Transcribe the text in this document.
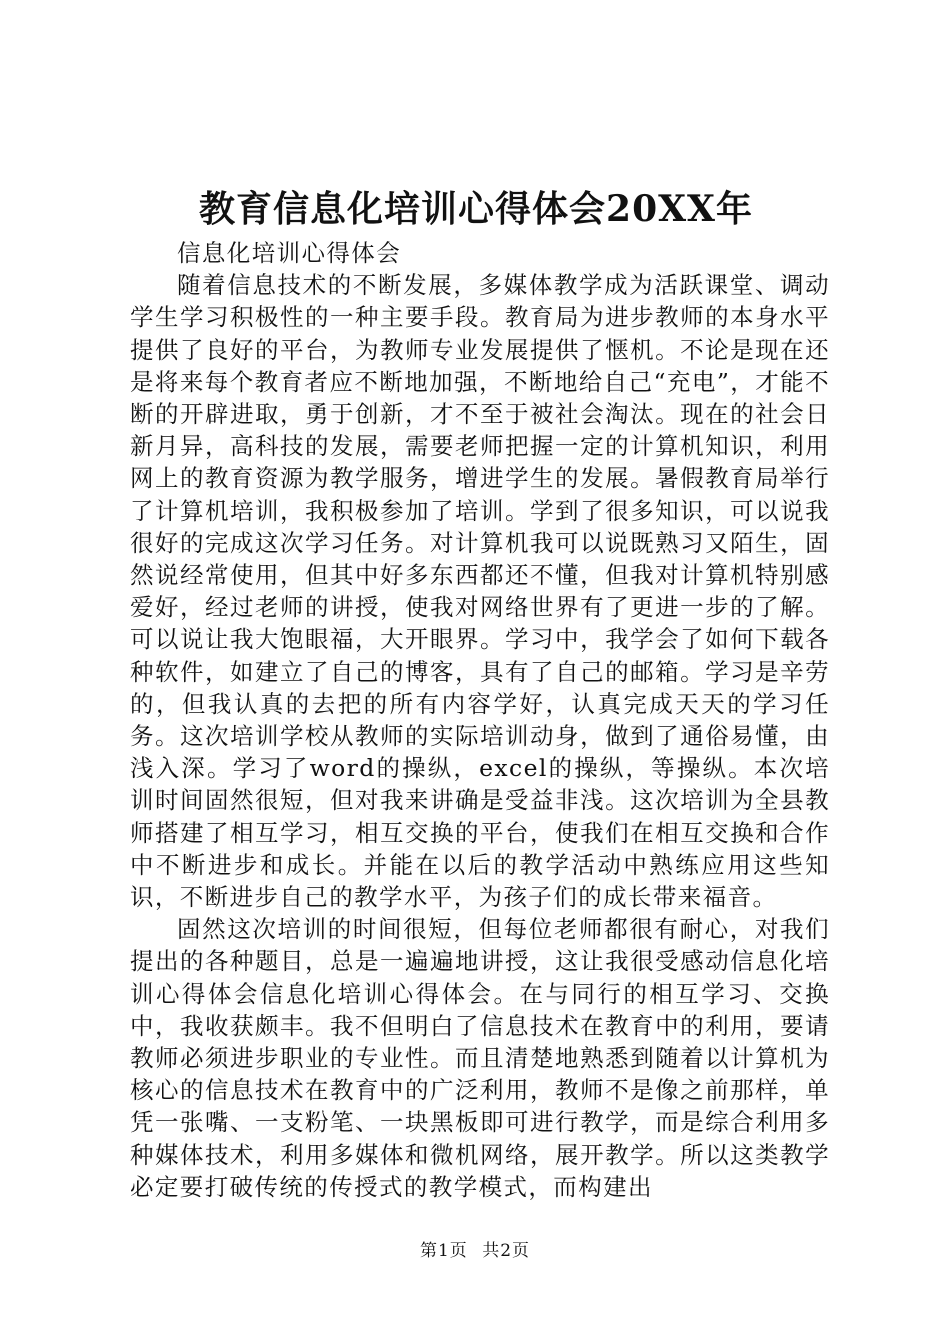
教育信息化培训心得体会20XX年

信息化培训心得体会

随着信息技术的不断发展，多媒体教学成为活跃课堂、调动学生学习积极性的一种主要手段。教育局为进步教师的本身水平提供了良好的平台，为教师专业发展提供了惬机。不论是现在还是将来每个教育者应不断地加强，不断地给自己“充电”，才能不断的开辟进取，勇于创新，才不至于被社会淘汰。现在的社会日新月异，高科技的发展，需要老师把握一定的计算机知识，利用网上的教育资源为教学服务，增进学生的发展。暑假教育局举行了计算机培训，我积极参加了培训。学到了很多知识，可以说我很好的完成这次学习任务。对计算机我可以说既熟习又陌生，固然说经常使用，但其中好多东西都还不懂，但我对计算机特别感爱好，经过老师的讲授，使我对网络世界有了更进一步的了解。可以说让我大饱眼福，大开眼界。学习中，我学会了如何下载各种软件，如建立了自己的博客，具有了自己的邮箱。学习是辛劳的，但我认真的去把的所有内容学好，认真完成天天的学习任务。这次培训学校从教师的实际培训动身，做到了通俗易懂，由浅入深。学习了word的操纵，excel的操纵，等操纵。本次培训时间固然很短，但对我来讲确是受益非浅。这次培训为全县教师搭建了相互学习，相互交换的平台，使我们在相互交换和合作中不断进步和成长。并能在以后的教学活动中熟练应用这些知识，不断进步自己的教学水平，为孩子们的成长带来福音。

固然这次培训的时间很短，但每位老师都很有耐心，对我们提出的各种题目，总是一遍遍地讲授，这让我很受感动信息化培训心得体会信息化培训心得体会。在与同行的相互学习、交换中，我收获颇丰。我不但明白了信息技术在教育中的利用，要请教师必须进步职业的专业性。而且清楚地熟悉到随着以计算机为核心的信息技术在教育中的广泛利用，教师不是像之前那样，单凭一张嘴、一支粉笔、一块黑板即可进行教学，而是综合利用多种媒体技术，利用多媒体和微机网络，展开教学。所以这类教学必定要打破传统的传授式的教学模式，而构建出

第1页 共2页
